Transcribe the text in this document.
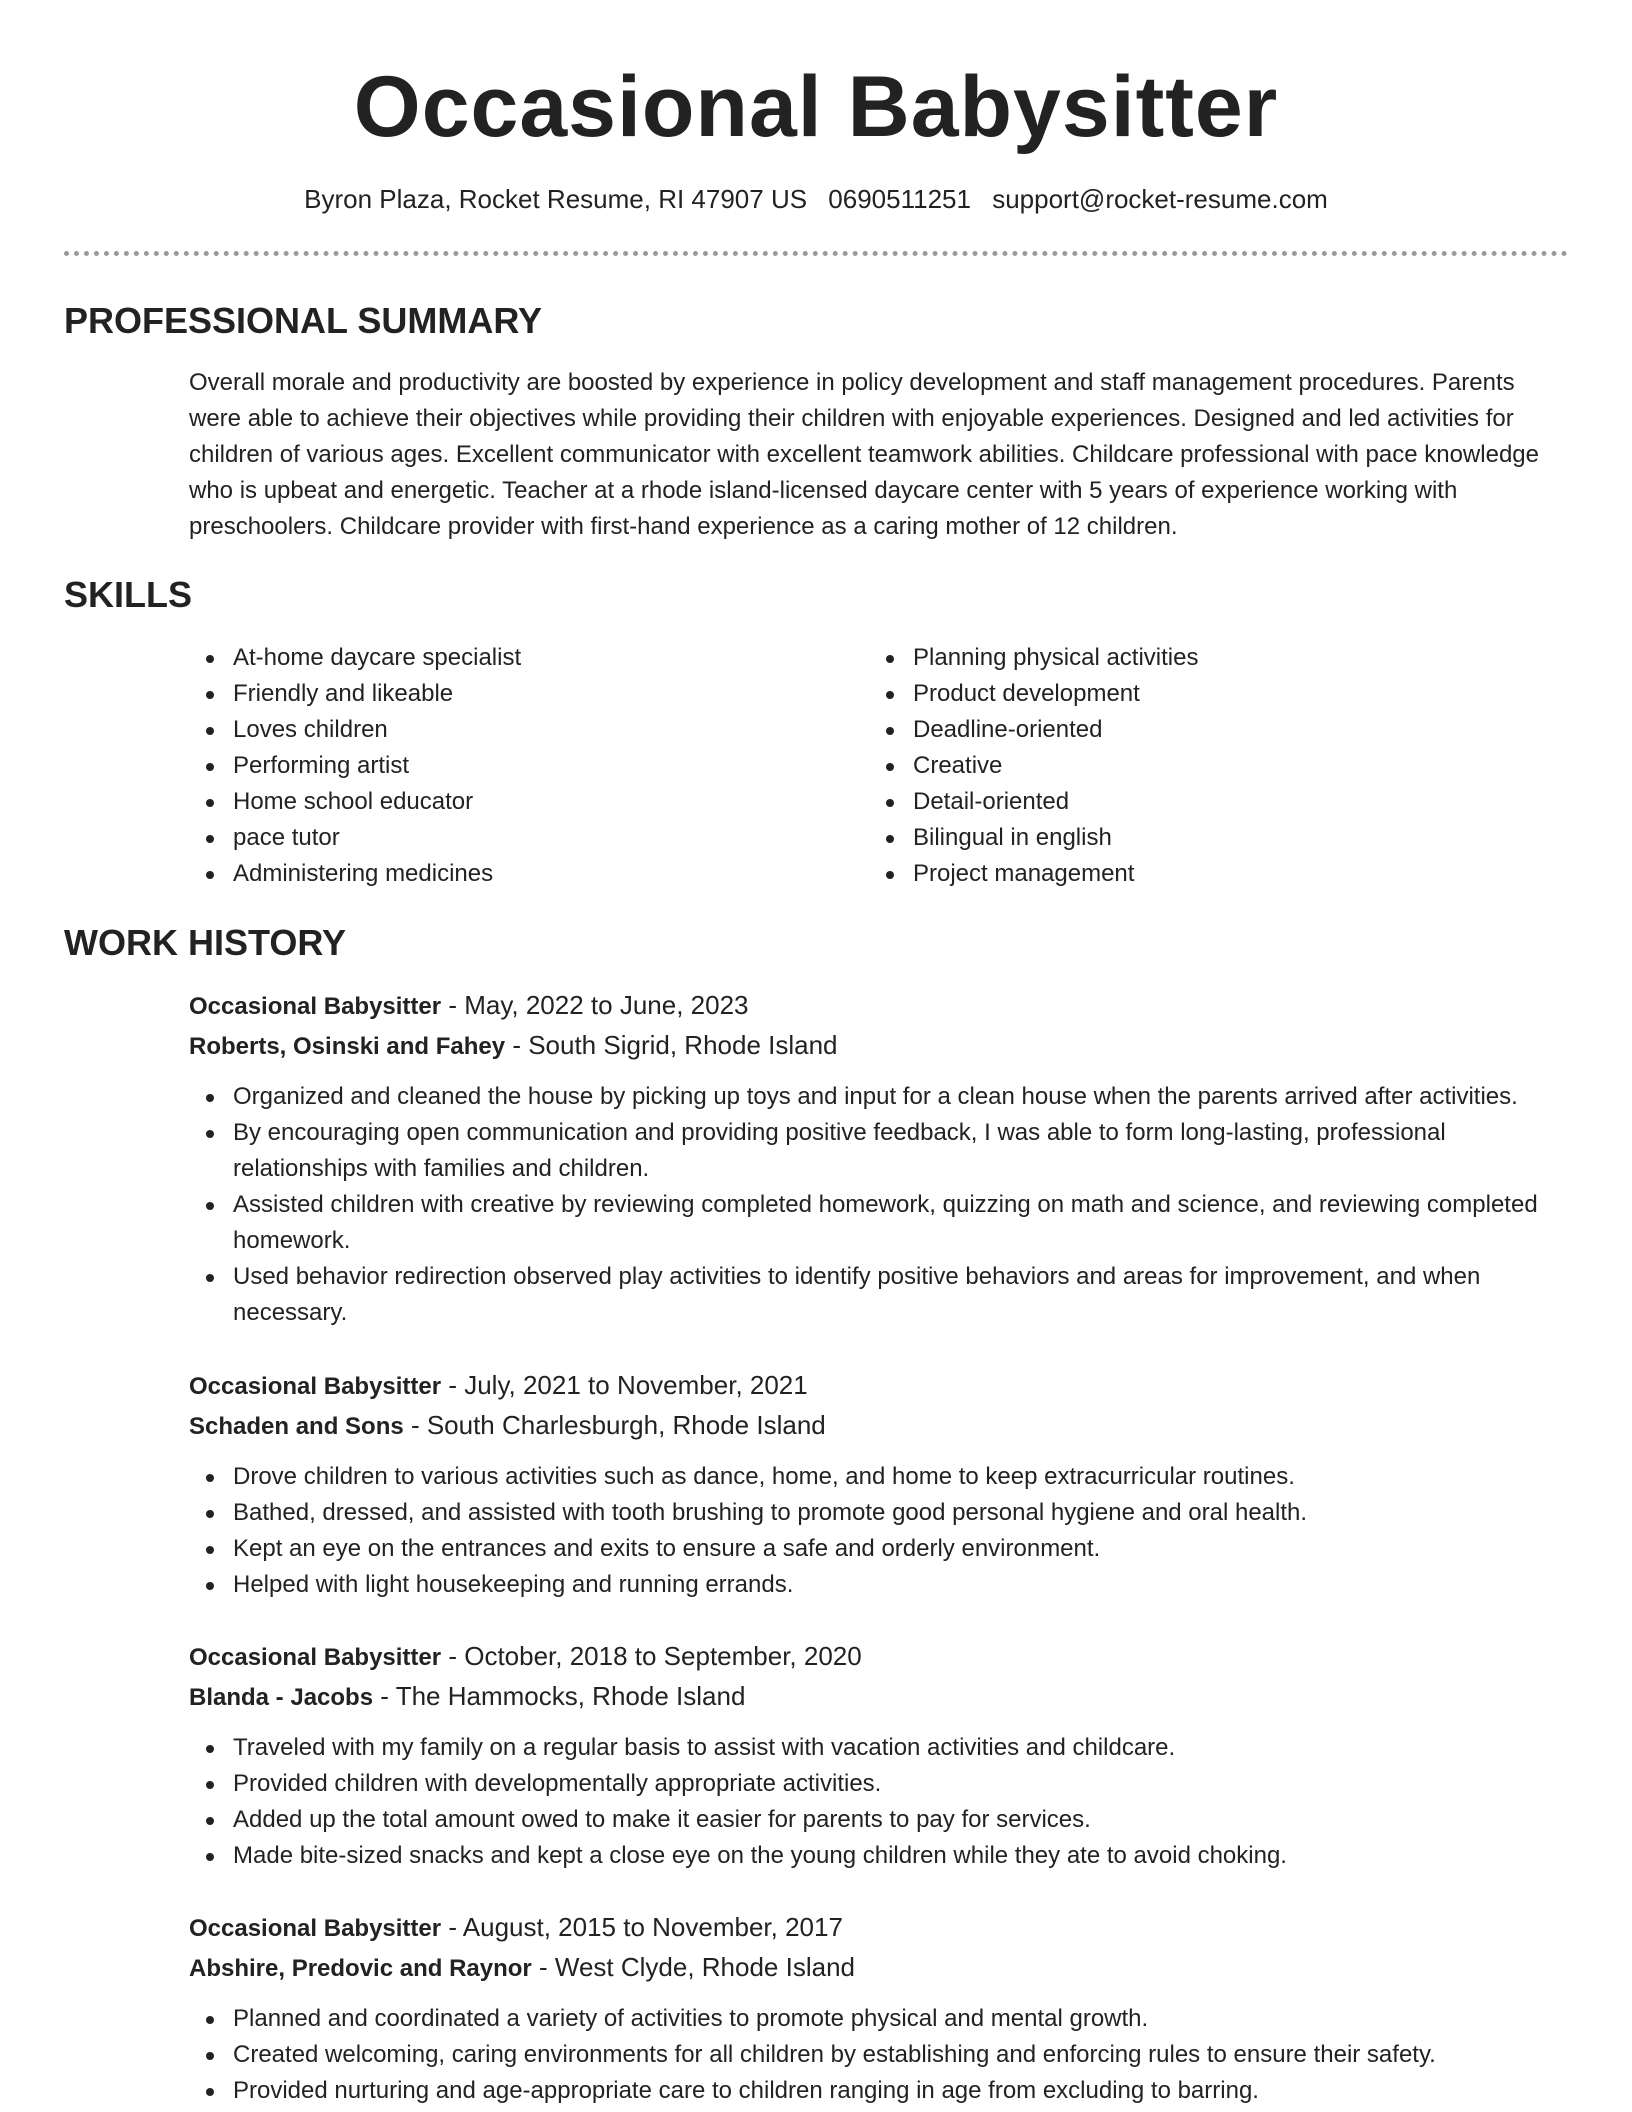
Occasional Babysitter
Byron Plaza, Rocket Resume, RI 47907 US 0690511251 support@rocket-resume.com
PROFESSIONAL SUMMARY

Overall morale and productivity are boosted by experience in policy development and staff management procedures. Parents were able to achieve their objectives while providing their children with enjoyable experiences. Designed and led activities for children of various ages. Excellent communicator with excellent teamwork abilities. Childcare professional with pace knowledge who is upbeat and energetic. Teacher at a rhode island-licensed daycare center with 5 years of experience working with preschoolers. Childcare provider with first-hand experience as a caring mother of 12 children.

SKILLS
At-home daycare specialist
Friendly and likeable
Loves children
Performing artist
Home school educator
pace tutor
Administering medicines
Planning physical activities
Product development
Deadline-oriented
Creative
Detail-oriented
Bilingual in english
Project management
WORK HISTORY
Occasional Babysitter - May, 2022 to June, 2023
Roberts, Osinski and Fahey - South Sigrid, Rhode Island
Organized and cleaned the house by picking up toys and input for a clean house when the parents arrived after activities.
By encouraging open communication and providing positive feedback, I was able to form long-lasting, professional relationships with families and children.
Assisted children with creative by reviewing completed homework, quizzing on math and science, and reviewing completed homework.
Used behavior redirection observed play activities to identify positive behaviors and areas for improvement, and when necessary.
Occasional Babysitter - July, 2021 to November, 2021
Schaden and Sons - South Charlesburgh, Rhode Island
Drove children to various activities such as dance, home, and home to keep extracurricular routines.
Bathed, dressed, and assisted with tooth brushing to promote good personal hygiene and oral health.
Kept an eye on the entrances and exits to ensure a safe and orderly environment.
Helped with light housekeeping and running errands.
Occasional Babysitter - October, 2018 to September, 2020
Blanda - Jacobs - The Hammocks, Rhode Island
Traveled with my family on a regular basis to assist with vacation activities and childcare.
Provided children with developmentally appropriate activities.
Added up the total amount owed to make it easier for parents to pay for services.
Made bite-sized snacks and kept a close eye on the young children while they ate to avoid choking.
Occasional Babysitter - August, 2015 to November, 2017
Abshire, Predovic and Raynor - West Clyde, Rhode Island
Planned and coordinated a variety of activities to promote physical and mental growth.
Created welcoming, caring environments for all children by establishing and enforcing rules to ensure their safety.
Provided nurturing and age-appropriate care to children ranging in age from excluding to barring.
